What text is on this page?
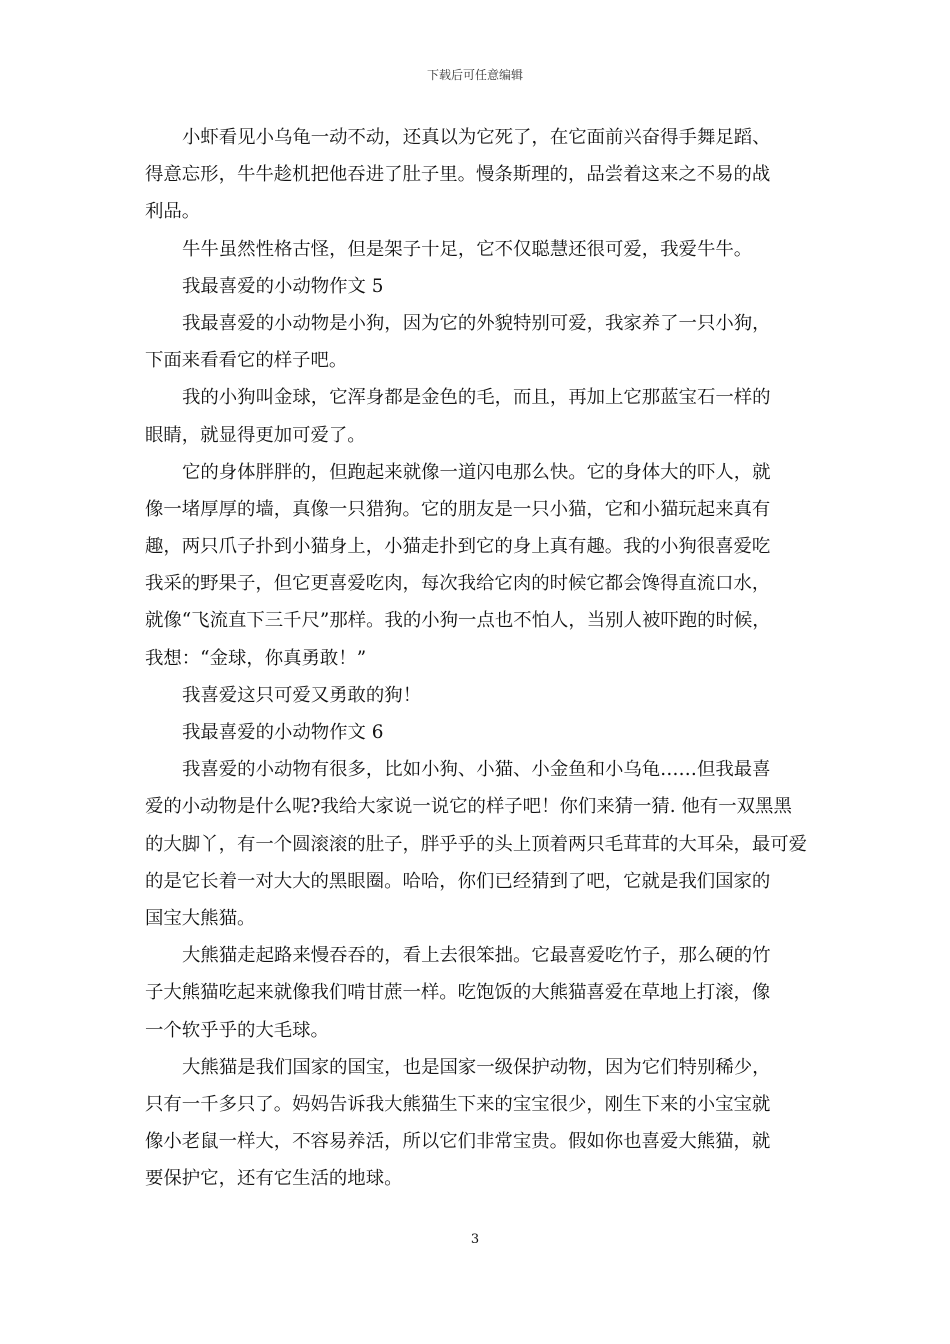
下载后可任意编辑
小虾看见小乌龟一动不动，还真以为它死了，在它面前兴奋得手舞足蹈、
得意忘形，牛牛趁机把他吞进了肚子里。慢条斯理的，品尝着这来之不易的战
利品。
牛牛虽然性格古怪，但是架子十足，它不仅聪慧还很可爱，我爱牛牛。
我最喜爱的小动物作文 5
我最喜爱的小动物是小狗，因为它的外貌特别可爱，我家养了一只小狗，
下面来看看它的样子吧。
我的小狗叫金球，它浑身都是金色的毛，而且，再加上它那蓝宝石一样的
眼睛，就显得更加可爱了。
它的身体胖胖的，但跑起来就像一道闪电那么快。它的身体大的吓人，就
像一堵厚厚的墙，真像一只猎狗。它的朋友是一只小猫，它和小猫玩起来真有
趣，两只爪子扑到小猫身上，小猫走扑到它的身上真有趣。我的小狗很喜爱吃
我采的野果子，但它更喜爱吃肉，每次我给它肉的时候它都会馋得直流口水，
就像“飞流直下三千尺”那样。我的小狗一点也不怕人，当别人被吓跑的时候，
我想：“金球，你真勇敢！”
我喜爱这只可爱又勇敢的狗！
我最喜爱的小动物作文 6
我喜爱的小动物有很多，比如小狗、小猫、小金鱼和小乌龟……但我最喜
爱的小动物是什么呢?我给大家说一说它的样子吧！你们来猜一猜. 他有一双黑黑
的大脚丫，有一个圆滚滚的肚子，胖乎乎的头上顶着两只毛茸茸的大耳朵，最可爱
的是它长着一对大大的黑眼圈。哈哈，你们已经猜到了吧，它就是我们国家的
国宝大熊猫。
大熊猫走起路来慢吞吞的，看上去很笨拙。它最喜爱吃竹子，那么硬的竹
子大熊猫吃起来就像我们啃甘蔗一样。吃饱饭的大熊猫喜爱在草地上打滚，像
一个软乎乎的大毛球。
大熊猫是我们国家的国宝，也是国家一级保护动物，因为它们特别稀少，
只有一千多只了。妈妈告诉我大熊猫生下来的宝宝很少，刚生下来的小宝宝就
像小老鼠一样大，不容易养活，所以它们非常宝贵。假如你也喜爱大熊猫，就
要保护它，还有它生活的地球。
3
